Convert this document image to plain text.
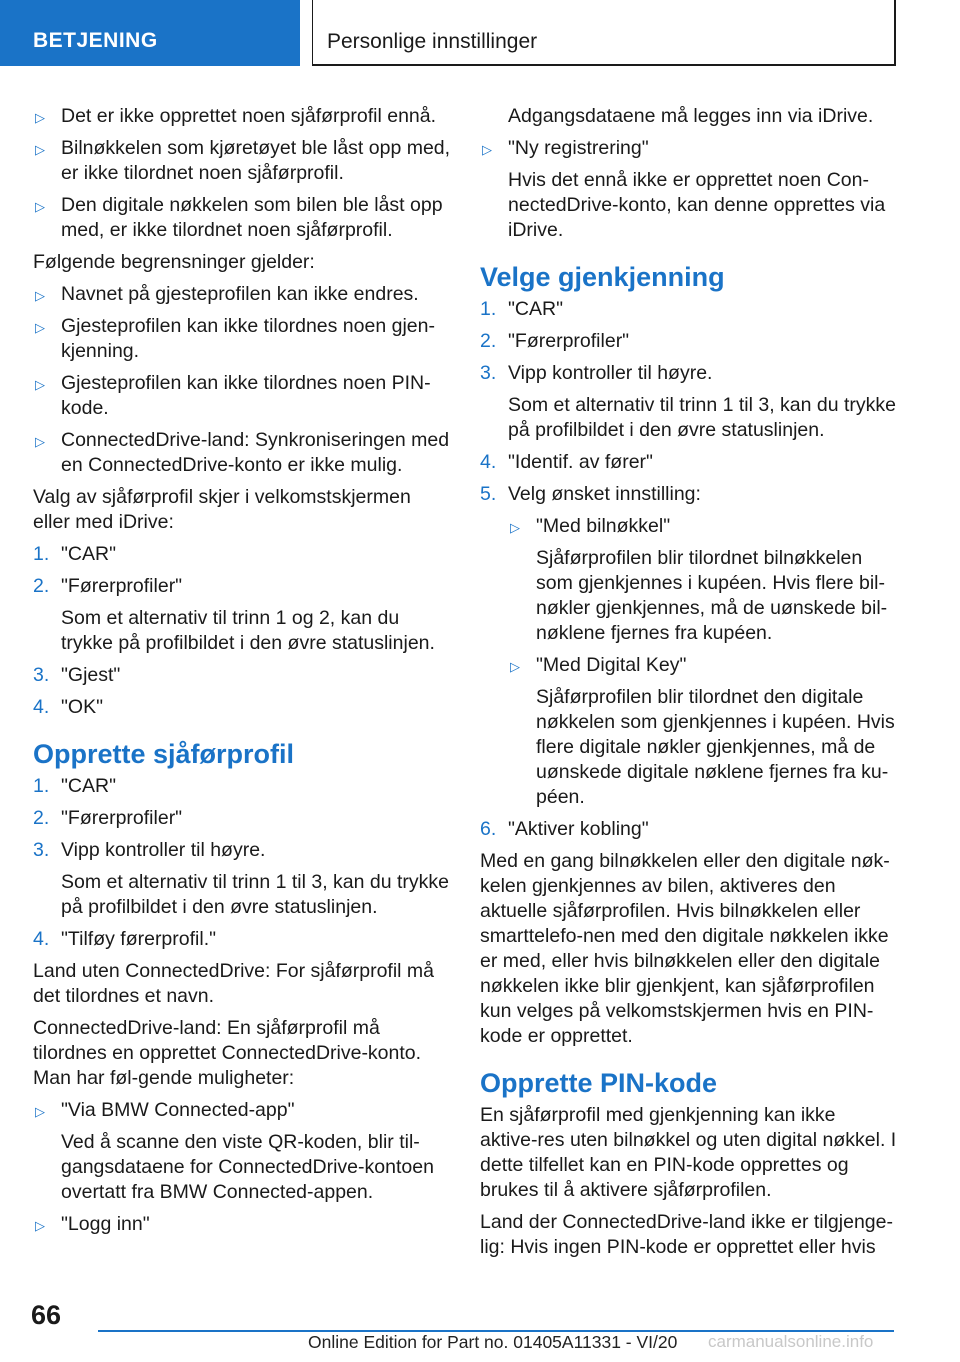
BETJENING	Personlige innstillinger
▷ Det er ikke opprettet noen sjåførprofil ennå.
▷ Bilnøkkelen som kjøretøyet ble låst opp med, er ikke tilordnet noen sjåførprofil.
▷ Den digitale nøkkelen som bilen ble låst opp med, er ikke tilordnet noen sjåførprofil.
Følgende begrensninger gjelder:
▷ Navnet på gjesteprofilen kan ikke endres.
▷ Gjesteprofilen kan ikke tilordnes noen gjen‐kjenning.
▷ Gjesteprofilen kan ikke tilordnes noen PIN-kode.
▷ ConnectedDrive-land: Synkroniseringen med en ConnectedDrive-konto er ikke mulig.
Valg av sjåførprofil skjer i velkomstskjermen eller med iDrive:
1. "CAR"
2. "Førerprofiler"
Som et alternativ til trinn 1 og 2, kan du trykke på profilbildet i den øvre statuslinjen.
3. "Gjest"
4. "OK"
Opprette sjåførprofil
1. "CAR"
2. "Førerprofiler"
3. Vipp kontroller til høyre.
Som et alternativ til trinn 1 til 3, kan du trykke på profilbildet i den øvre statuslinjen.
4. "Tilføy førerprofil."
Land uten ConnectedDrive: For sjåførprofil må det tilordnes et navn.
ConnectedDrive-land: En sjåførprofil må tilordnes en opprettet ConnectedDrive-konto. Man har føl‐gende muligheter:
▷ "Via BMW Connected-app"
Ved å scanne den viste QR-koden, blir til‐gangsdataene for ConnectedDrive-kontoen overtatt fra BMW Connected-appen.
▷ "Logg inn"
Adgangsdataene må legges inn via iDrive.
▷ "Ny registrering"
Hvis det ennå ikke er opprettet noen Con‐nectedDrive-konto, kan denne opprettes via iDrive.
Velge gjenkjenning
1. "CAR"
2. "Førerprofiler"
3. Vipp kontroller til høyre.
Som et alternativ til trinn 1 til 3, kan du trykke på profilbildet i den øvre statuslinjen.
4. "Identif. av fører"
5. Velg ønsket innstilling:
▷ "Med bilnøkkel"
Sjåførprofilen blir tilordnet bilnøkkelen som gjenkjennes i kupéen. Hvis flere bil‐nøkler gjenkjennes, må de uønskede bil‐nøklene fjernes fra kupéen.
▷ "Med Digital Key"
Sjåførprofilen blir tilordnet den digitale nøkkelen som gjenkjennes i kupéen. Hvis flere digitale nøkler gjenkjennes, må de uønskede digitale nøklene fjernes fra ku‐péen.
6. "Aktiver kobling"
Med en gang bilnøkkelen eller den digitale nøk‐kelen gjenkjennes av bilen, aktiveres den aktuelle sjåførprofilen. Hvis bilnøkkelen eller smarttelefo‐nen med den digitale nøkkelen ikke er med, eller hvis bilnøkkelen eller den digitale nøkkelen ikke blir gjenkjent, kan sjåførprofilen kun velges på velkomstskjermen hvis en PIN-kode er opprettet.
Opprette PIN-kode
En sjåførprofil med gjenkjenning kan ikke aktive‐res uten bilnøkkel og uten digital nøkkel. I dette tilfellet kan en PIN-kode opprettes og brukes til å aktivere sjåførprofilen.
Land der ConnectedDrive-land ikke er tilgjenge‐lig: Hvis ingen PIN-kode er opprettet eller hvis
66
Online Edition for Part no. 01405A11331 - VI/20 carmanualsonline.info
